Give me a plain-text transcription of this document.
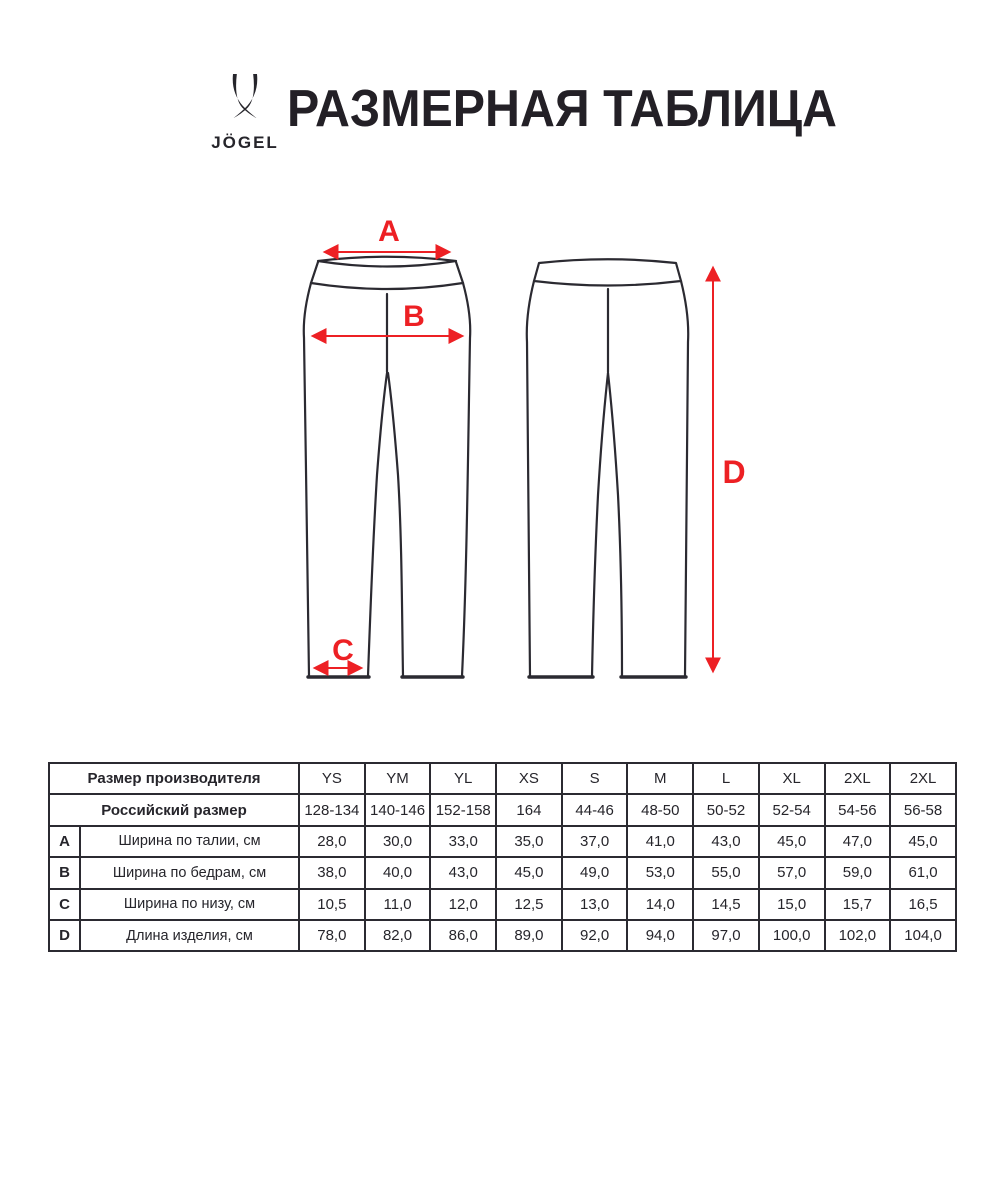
JÖGEL
РАЗМЕРНАЯ ТАБЛИЦА
A
B
C
D
Размер производителя		YS	YM	YL	XS	S	M	L	XL	2XL	2XL
Российский размер		128-134	140-146	152-158	164	44-46	48-50	50-52	52-54	54-56	56-58
A	Ширина по талии, см	28,0	30,0	33,0	35,0	37,0	41,0	43,0	45,0	47,0	45,0
B	Ширина по бедрам, см	38,0	40,0	43,0	45,0	49,0	53,0	55,0	57,0	59,0	61,0
C	Ширина по низу, см	10,5	11,0	12,0	12,5	13,0	14,0	14,5	15,0	15,7	16,5
D	Длина изделия, см	78,0	82,0	86,0	89,0	92,0	94,0	97,0	100,0	102,0	104,0
